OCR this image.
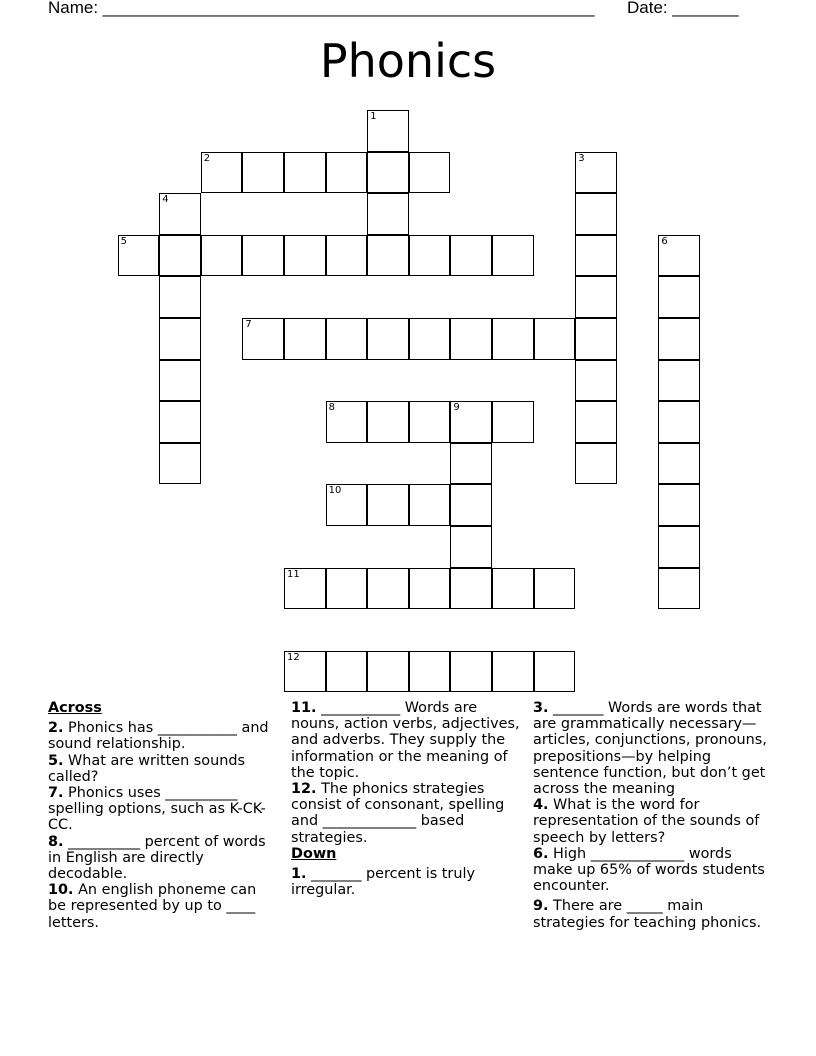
Name: ____________________________________________________ Date: _______
Phonics
1
2	3
4
5	6
7
8	9
10
11
12
Across
2. Phonics has ___________ and sound relationship.
5. What are written sounds called?
7. Phonics uses __________ spelling options, such as K-CK-CC.
8. __________ percent of words in English are directly decodable.
10. An english phoneme can be represented by up to ____ letters.
11. ___________ Words are nouns, action verbs, adjectives, and adverbs. They supply the information or the meaning of the topic.
12. The phonics strategies consist of consonant, spelling and _____________ based strategies.
Down
1. _______ percent is truly irregular.
3. _______ Words are words that are grammatically necessary—articles, conjunctions, pronouns, prepositions—by helping sentence function, but don’t get across the meaning
4. What is the word for representation of the sounds of speech by letters?
6. High _____________ words make up 65% of words students encounter.
9. There are _____ main strategies for teaching phonics.
